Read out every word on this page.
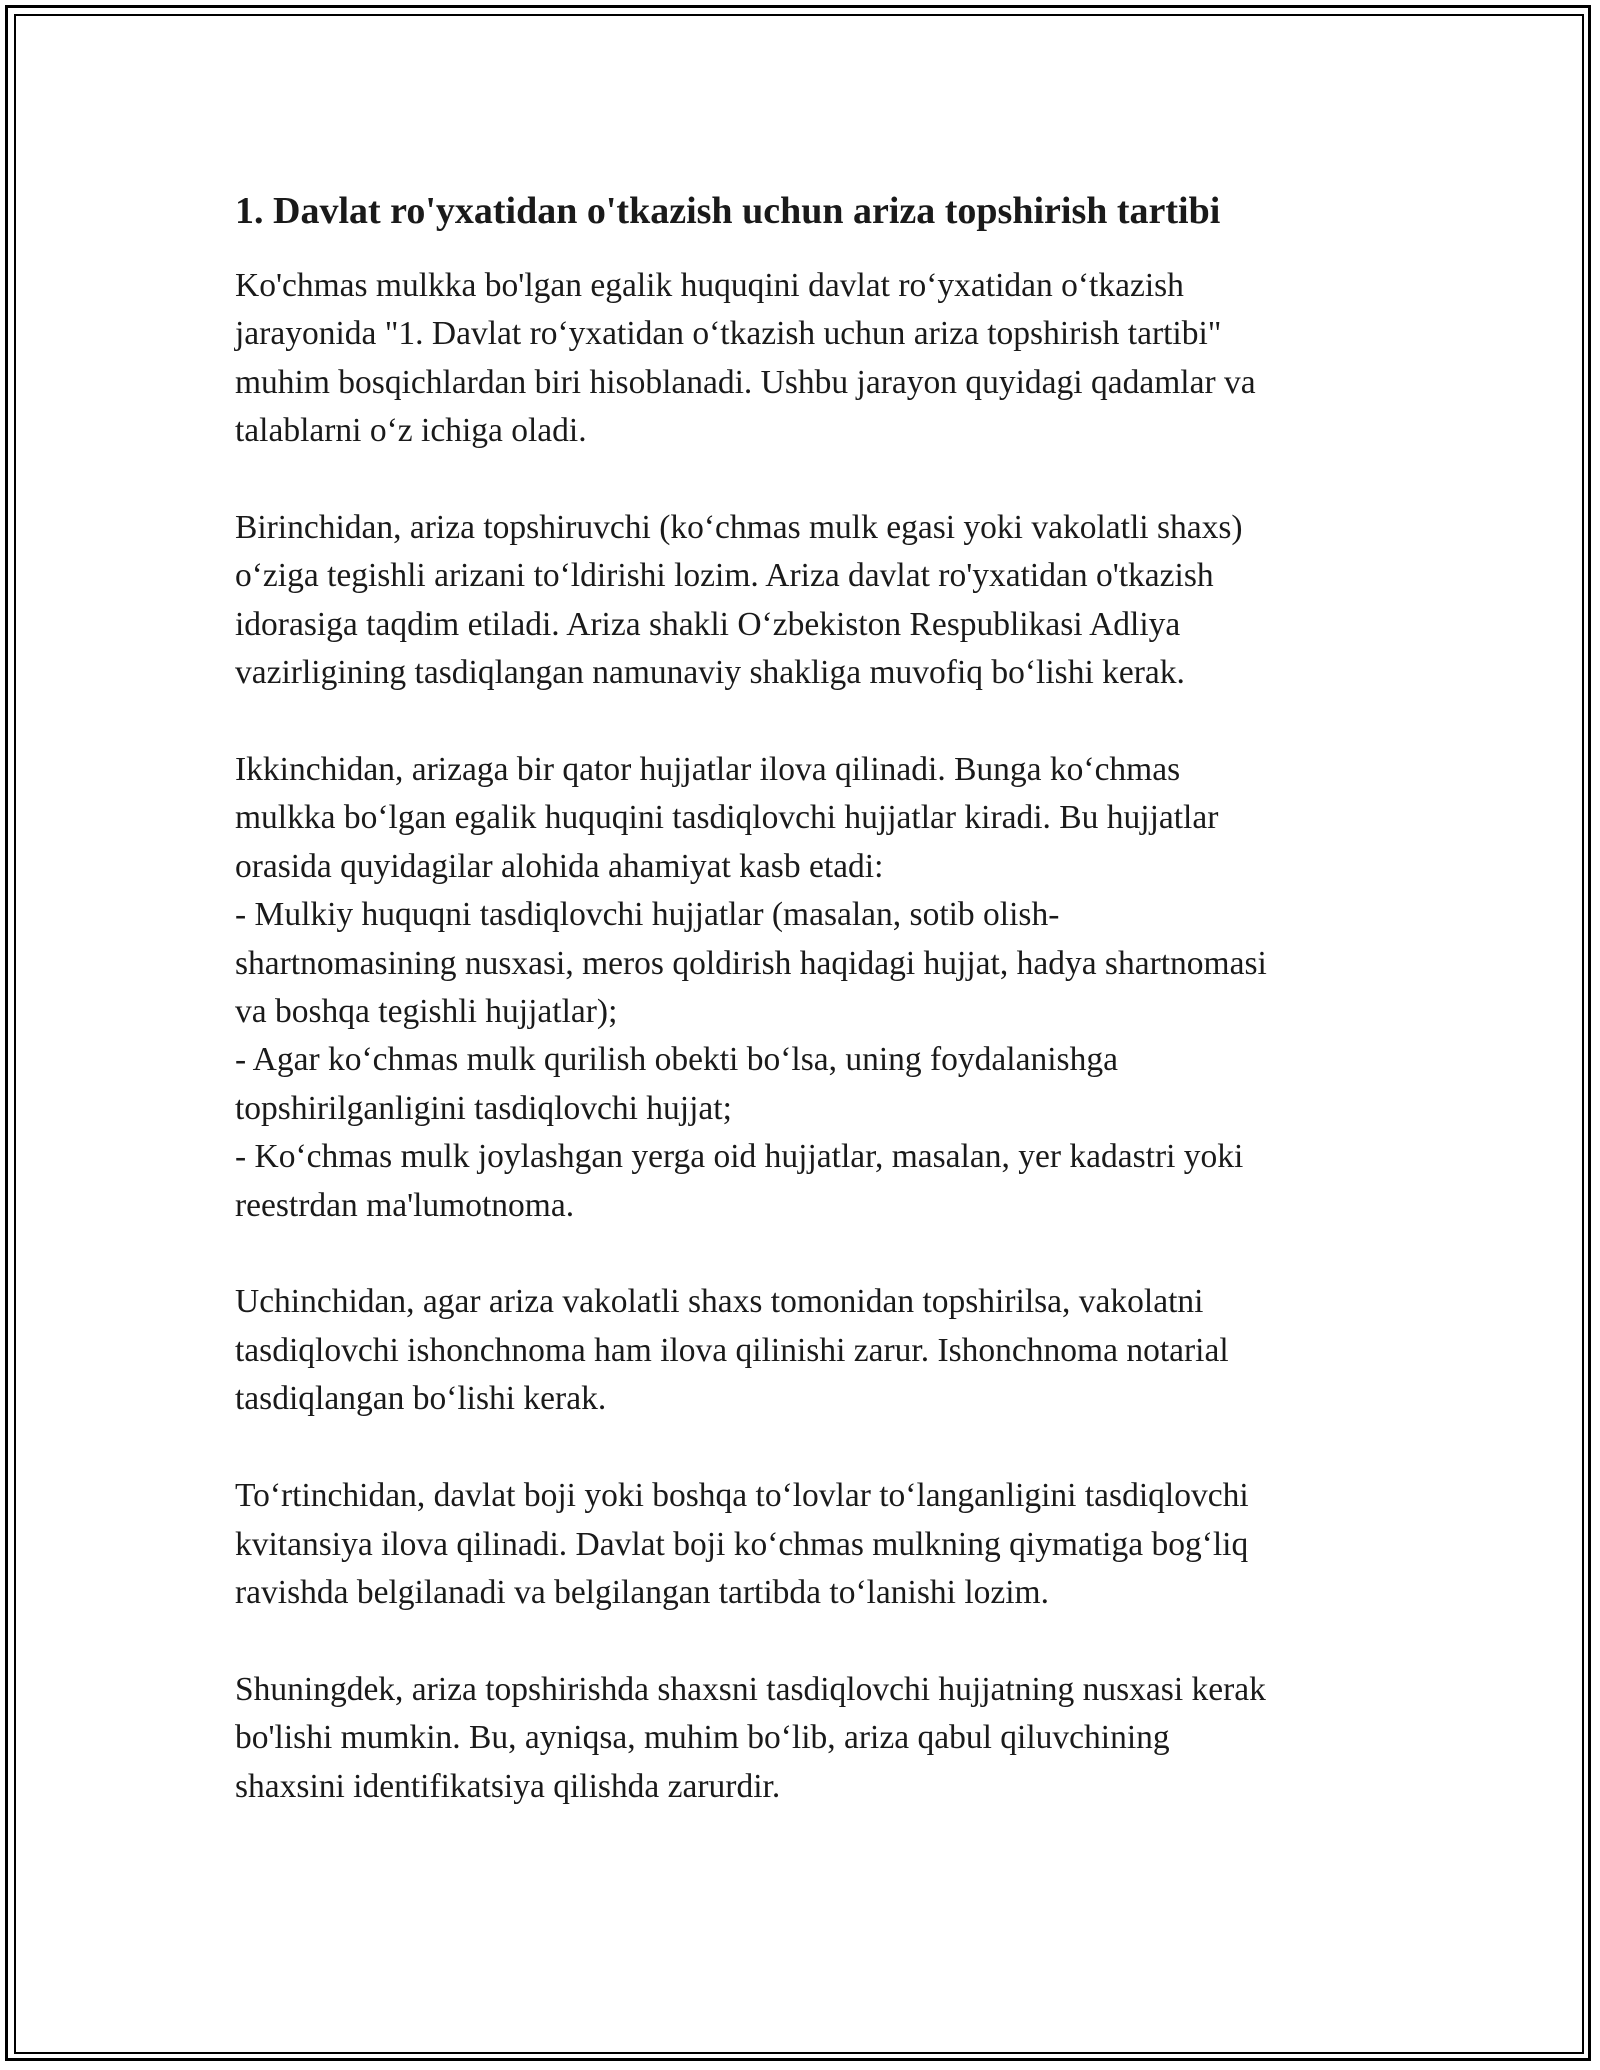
1. Davlat ro'yxatidan o'tkazish uchun ariza topshirish tartibi

Ko'chmas mulkka bo'lgan egalik huquqini davlat ro‘yxatidan o‘tkazish
jarayonida "1. Davlat ro‘yxatidan o‘tkazish uchun ariza topshirish tartibi"
muhim bosqichlardan biri hisoblanadi. Ushbu jarayon quyidagi qadamlar va
talablarni o‘z ichiga oladi.

Birinchidan, ariza topshiruvchi (ko‘chmas mulk egasi yoki vakolatli shaxs)
o‘ziga tegishli arizani to‘ldirishi lozim. Ariza davlat ro'yxatidan o'tkazish
idorasiga taqdim etiladi. Ariza shakli O‘zbekiston Respublikasi Adliya
vazirligining tasdiqlangan namunaviy shakliga muvofiq bo‘lishi kerak.

Ikkinchidan, arizaga bir qator hujjatlar ilova qilinadi. Bunga ko‘chmas
mulkka bo‘lgan egalik huquqini tasdiqlovchi hujjatlar kiradi. Bu hujjatlar
orasida quyidagilar alohida ahamiyat kasb etadi:
- Mulkiy huquqni tasdiqlovchi hujjatlar (masalan, sotib olish-
shartnomasining nusxasi, meros qoldirish haqidagi hujjat, hadya shartnomasi
va boshqa tegishli hujjatlar);
- Agar ko‘chmas mulk qurilish obekti bo‘lsa, uning foydalanishga
topshirilganligini tasdiqlovchi hujjat;
- Ko‘chmas mulk joylashgan yerga oid hujjatlar, masalan, yer kadastri yoki
reestrdan ma'lumotnoma.

Uchinchidan, agar ariza vakolatli shaxs tomonidan topshirilsa, vakolatni
tasdiqlovchi ishonchnoma ham ilova qilinishi zarur. Ishonchnoma notarial
tasdiqlangan bo‘lishi kerak.

To‘rtinchidan, davlat boji yoki boshqa to‘lovlar to‘langanligini tasdiqlovchi
kvitansiya ilova qilinadi. Davlat boji ko‘chmas mulkning qiymatiga bog‘liq
ravishda belgilanadi va belgilangan tartibda to‘lanishi lozim.

Shuningdek, ariza topshirishda shaxsni tasdiqlovchi hujjatning nusxasi kerak
bo'lishi mumkin. Bu, ayniqsa, muhim bo‘lib, ariza qabul qiluvchining
shaxsini identifikatsiya qilishda zarurdir.
